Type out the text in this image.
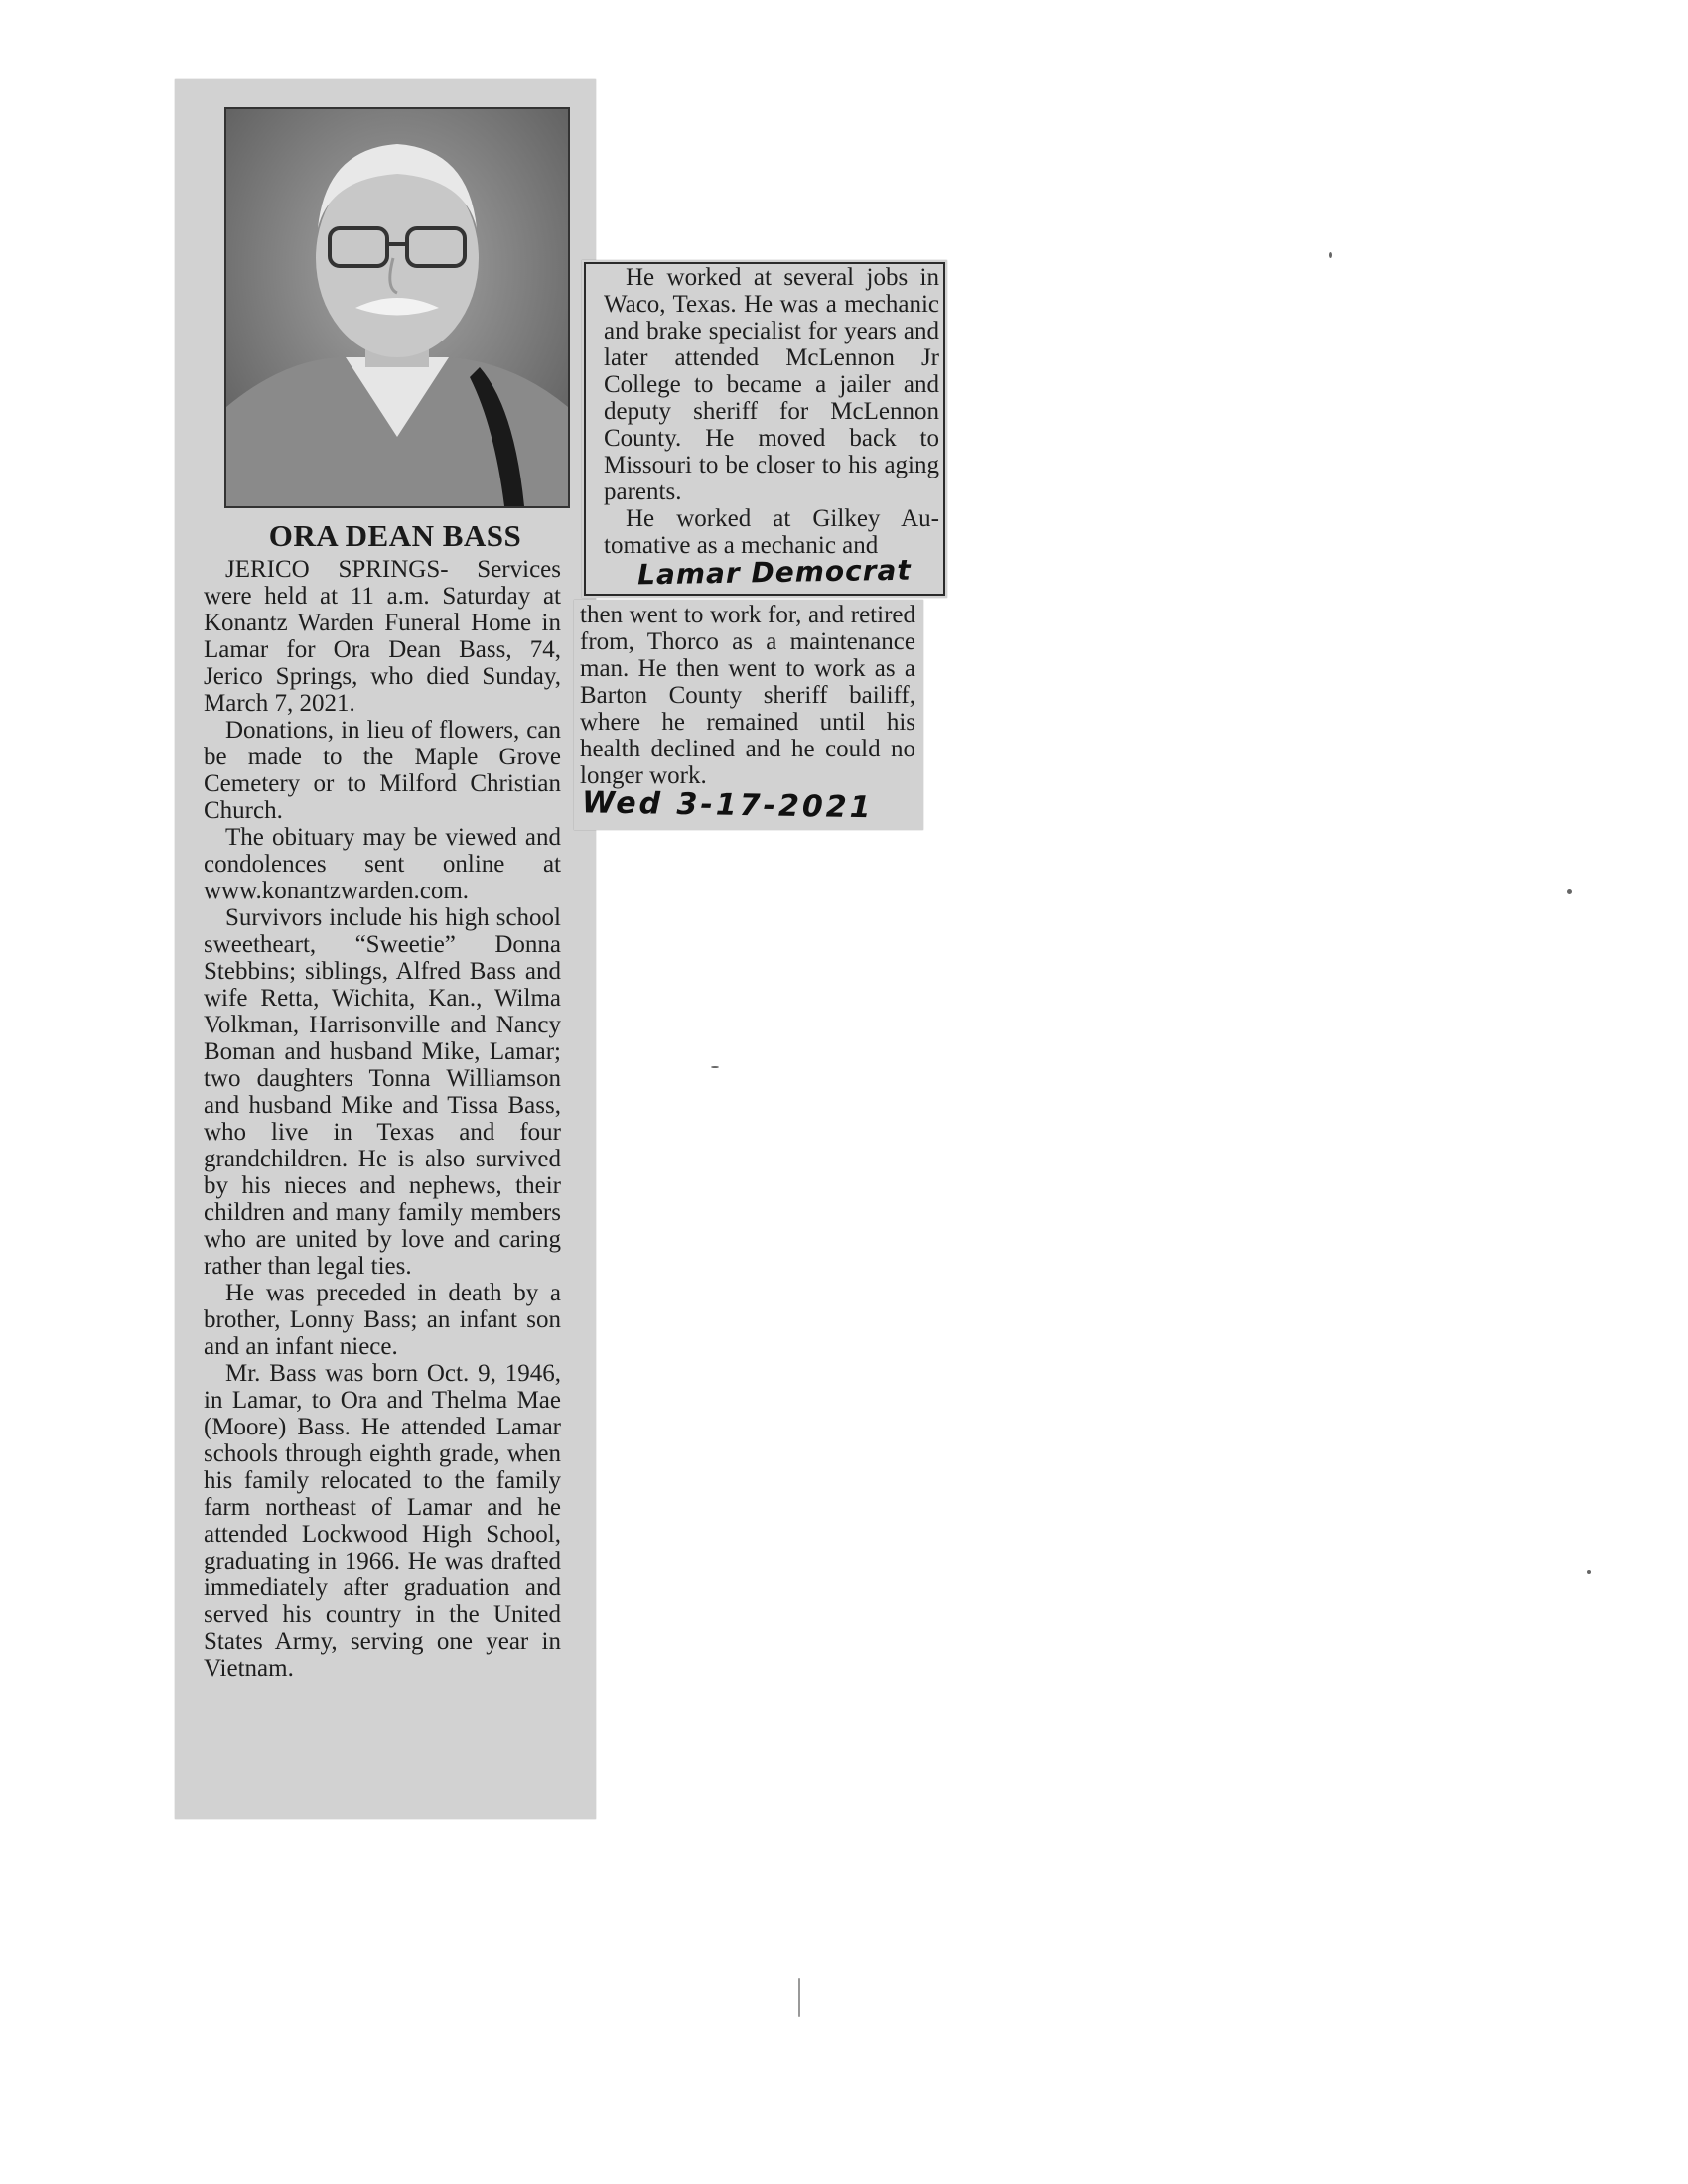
ORA DEAN BASS

JERICO SPRINGS- Services were held at 11 a.m. Saturday at Konantz Warden Funeral Home in Lamar for Ora Dean Bass, 74, Jerico Springs, who died Sunday, March 7, 2021.

Donations, in lieu of flowers, can be made to the Maple Grove Cemetery or to Milford Christian Church.

The obituary may be viewed and condolences sent online at www.konantzwarden.com.

Survivors include his high school sweetheart, “Sweetie” Donna Stebbins; siblings, Alfred Bass and wife Retta, Wichita, Kan., Wilma Volkman, Harrisonville and Nancy Boman and husband Mike, Lamar; two daughters Tonna Williamson and husband Mike and Tissa Bass, who live in Texas and four grandchildren. He is also survived by his nieces and nephews, their children and many family members who are united by love and caring rather than legal ties.

He was preceded in death by a brother, Lonny Bass; an infant son and an infant niece.

Mr. Bass was born Oct. 9, 1946, in Lamar, to Ora and Thelma Mae (Moore) Bass. He attended Lamar schools through eighth grade, when his family relocated to the family farm northeast of Lamar and he attended Lockwood High School, graduating in 1966. He was drafted immediately after graduation and served his country in the United States Army, serving one year in Vietnam.

He worked at several jobs in Waco, Texas. He was a mechanic and brake specialist for years and later attended McLennon Jr College to became a jailer and deputy sheriff for McLennon County. He moved back to Missouri to be closer to his aging parents.

He worked at Gilkey Automative as a mechanic and

Lamar Democrat

then went to work for, and retired from, Thorco as a maintenance man. He then went to work as a Barton County sheriff bailiff, where he remained until his health declined and he could no longer work.

Wed 3-17-2021
